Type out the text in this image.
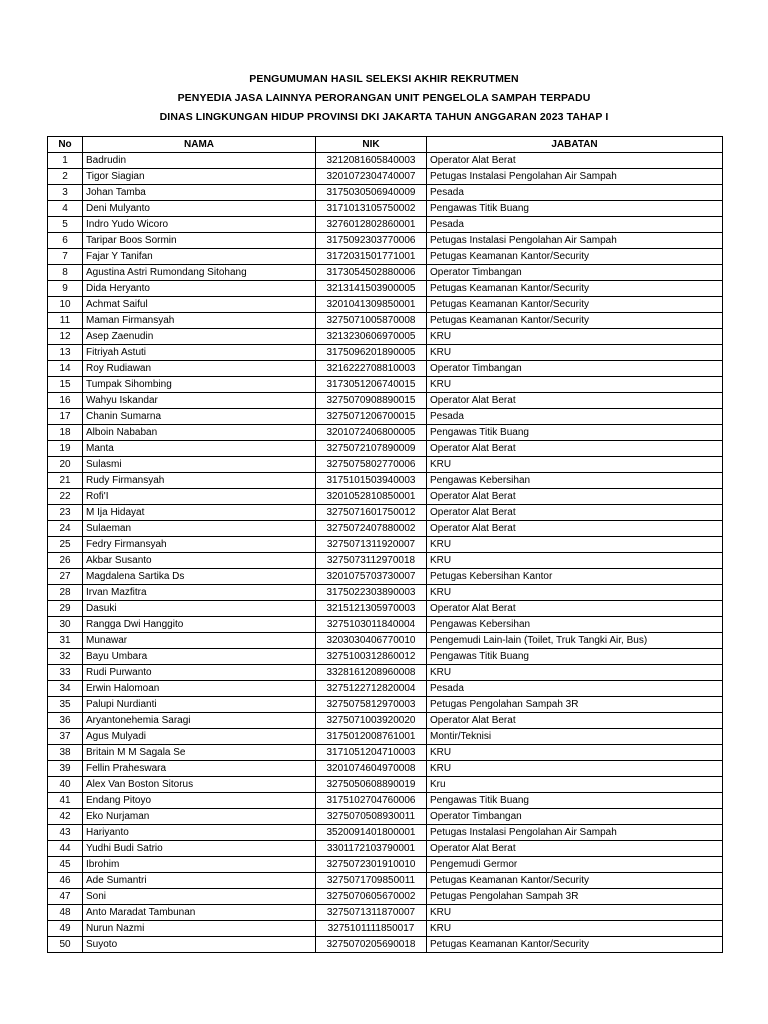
PENGUMUMAN HASIL SELEKSI AKHIR REKRUTMEN
PENYEDIA JASA LAINNYA PERORANGAN UNIT PENGELOLA SAMPAH TERPADU
DINAS LINGKUNGAN HIDUP PROVINSI DKI JAKARTA TAHUN ANGGARAN 2023 TAHAP I
No	NAMA	NIK	JABATAN
1	Badrudin	3212081605840003	Operator Alat Berat
2	Tigor Siagian	3201072304740007	Petugas Instalasi Pengolahan Air Sampah
3	Johan Tamba	3175030506940009	Pesada
4	Deni Mulyanto	3171013105750002	Pengawas Titik Buang
5	Indro Yudo Wicoro	3276012802860001	Pesada
6	Taripar Boos Sormin	3175092303770006	Petugas Instalasi Pengolahan Air Sampah
7	Fajar Y Tanifan	3172031501771001	Petugas Keamanan Kantor/Security
8	Agustina Astri Rumondang Sitohang	3173054502880006	Operator Timbangan
9	Dida Heryanto	3213141503900005	Petugas Keamanan Kantor/Security
10	Achmat Saiful	3201041309850001	Petugas Keamanan Kantor/Security
11	Maman Firmansyah	3275071005870008	Petugas Keamanan Kantor/Security
12	Asep Zaenudin	3213230606970005	KRU
13	Fitriyah Astuti	3175096201890005	KRU
14	Roy Rudiawan	3216222708810003	Operator Timbangan
15	Tumpak Sihombing	3173051206740015	KRU
16	Wahyu Iskandar	3275070908890015	Operator Alat Berat
17	Chanin Sumarna	3275071206700015	Pesada
18	Alboin Nababan	3201072406800005	Pengawas Titik Buang
19	Manta	3275072107890009	Operator Alat Berat
20	Sulasmi	3275075802770006	KRU
21	Rudy Firmansyah	3175101503940003	Pengawas Kebersihan
22	Rofi'I	3201052810850001	Operator Alat Berat
23	M Ija Hidayat	3275071601750012	Operator Alat Berat
24	Sulaeman	3275072407880002	Operator Alat Berat
25	Fedry Firmansyah	3275071311920007	KRU
26	Akbar Susanto	3275073112970018	KRU
27	Magdalena Sartika Ds	3201075703730007	Petugas Kebersihan Kantor
28	Irvan Mazfitra	3175022303890003	KRU
29	Dasuki	3215121305970003	Operator Alat Berat
30	Rangga Dwi Hanggito	3275103011840004	Pengawas Kebersihan
31	Munawar	3203030406770010	Pengemudi Lain-lain (Toilet, Truk Tangki Air, Bus)
32	Bayu Umbara	3275100312860012	Pengawas Titik Buang
33	Rudi Purwanto	3328161208960008	KRU
34	Erwin Halomoan	3275122712820004	Pesada
35	Palupi Nurdianti	3275075812970003	Petugas Pengolahan Sampah 3R
36	Aryantonehemia Saragi	3275071003920020	Operator Alat Berat
37	Agus Mulyadi	3175012008761001	Montir/Teknisi
38	Britain M M Sagala Se	3171051204710003	KRU
39	Fellin Praheswara	3201074604970008	KRU
40	Alex Van Boston Sitorus	3275050608890019	Kru
41	Endang Pitoyo	3175102704760006	Pengawas Titik Buang
42	Eko Nurjaman	3275070508930011	Operator Timbangan
43	Hariyanto	3520091401800001	Petugas Instalasi Pengolahan Air Sampah
44	Yudhi Budi Satrio	3301172103790001	Operator Alat Berat
45	Ibrohim	3275072301910010	Pengemudi Germor
46	Ade Sumantri	3275071709850011	Petugas Keamanan Kantor/Security
47	Soni	3275070605670002	Petugas Pengolahan Sampah 3R
48	Anto Maradat Tambunan	3275071311870007	KRU
49	Nurun Nazmi	3275101111850017	KRU
50	Suyoto	3275070205690018	Petugas Keamanan Kantor/Security
